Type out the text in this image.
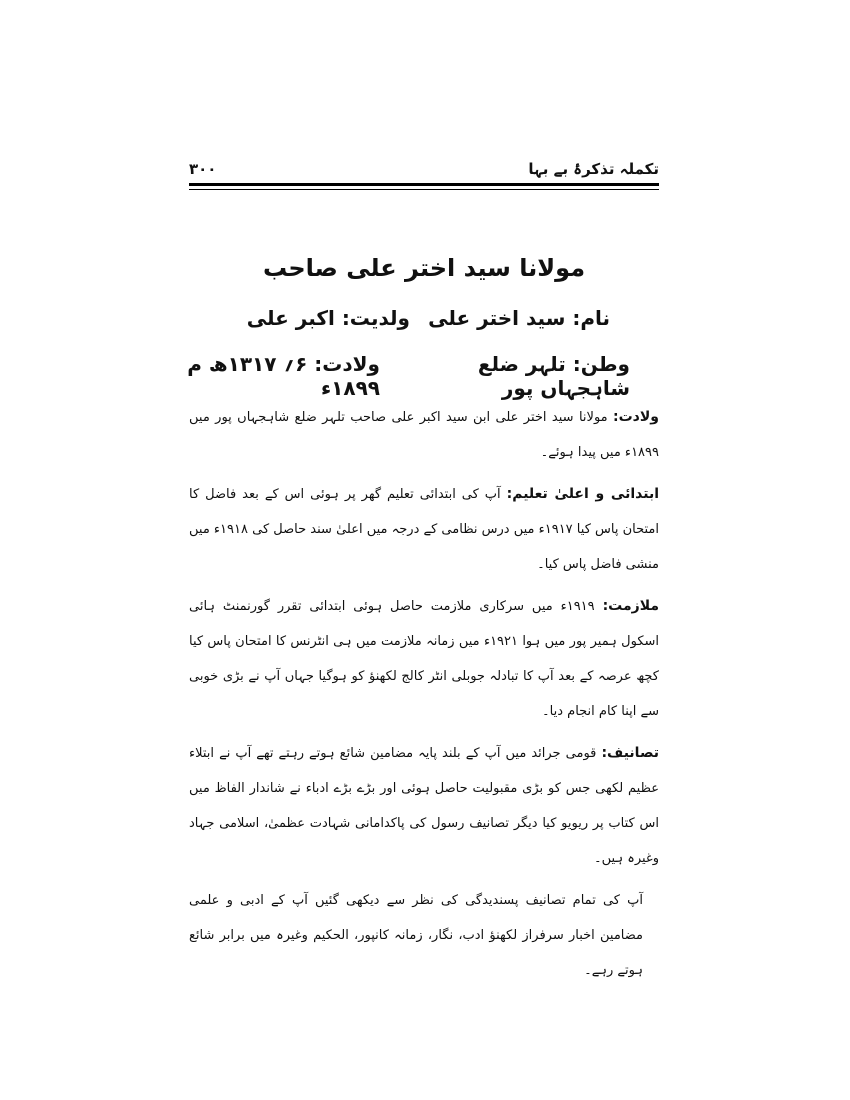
تکملہ تذکرۂ بے بہا
۳۰۰
مولانا سید اختر علی صاحب
نام: سید اختر علی
ولدیت: اکبر علی
وطن: تلہر ضلع شاہجہاں پور
ولادت: ۶؍ ۱۳۱۷ھ م ۱۸۹۹ء

ولادت: مولانا سید اختر علی ابن سید اکبر علی صاحب تلہر ضلع شاہجہاں پور میں ۱۸۹۹ء میں پیدا ہوئے۔

ابتدائی و اعلیٰ تعلیم: آپ کی ابتدائی تعلیم گھر پر ہوئی اس کے بعد فاضل کا امتحان پاس کیا ۱۹۱۷ء میں درس نظامی کے درجہ میں اعلیٰ سند حاصل کی ۱۹۱۸ء میں منشی فاضل پاس کیا۔

ملازمت: ۱۹۱۹ء میں سرکاری ملازمت حاصل ہوئی ابتدائی تقرر گورنمنٹ ہائی اسکول ہمیر پور میں ہوا ۱۹۲۱ء میں زمانہ ملازمت میں ہی انٹرنس کا امتحان پاس کیا کچھ عرصہ کے بعد آپ کا تبادلہ جوبلی انٹر کالج لکھنؤ کو ہوگیا جہاں آپ نے بڑی خوبی سے اپنا کام انجام دیا۔

تصانیف: قومی جرائد میں آپ کے بلند پایہ مضامین شائع ہوتے رہتے تھے آپ نے ابتلاء عظیم لکھی جس کو بڑی مقبولیت حاصل ہوئی اور بڑے بڑے ادباء نے شاندار الفاظ میں اس کتاب پر ریویو کیا دیگر تصانیف رسول کی پاکدامانی شہادت عظمیٰ، اسلامی جہاد وغیرہ ہیں۔

آپ کی تمام تصانیف پسندیدگی کی نظر سے دیکھی گئیں آپ کے ادبی و علمی مضامین اخبار سرفراز لکھنؤ ادب، نگار، زمانہ کانپور، الحکیم وغیرہ میں برابر شائع ہوتے رہے۔
